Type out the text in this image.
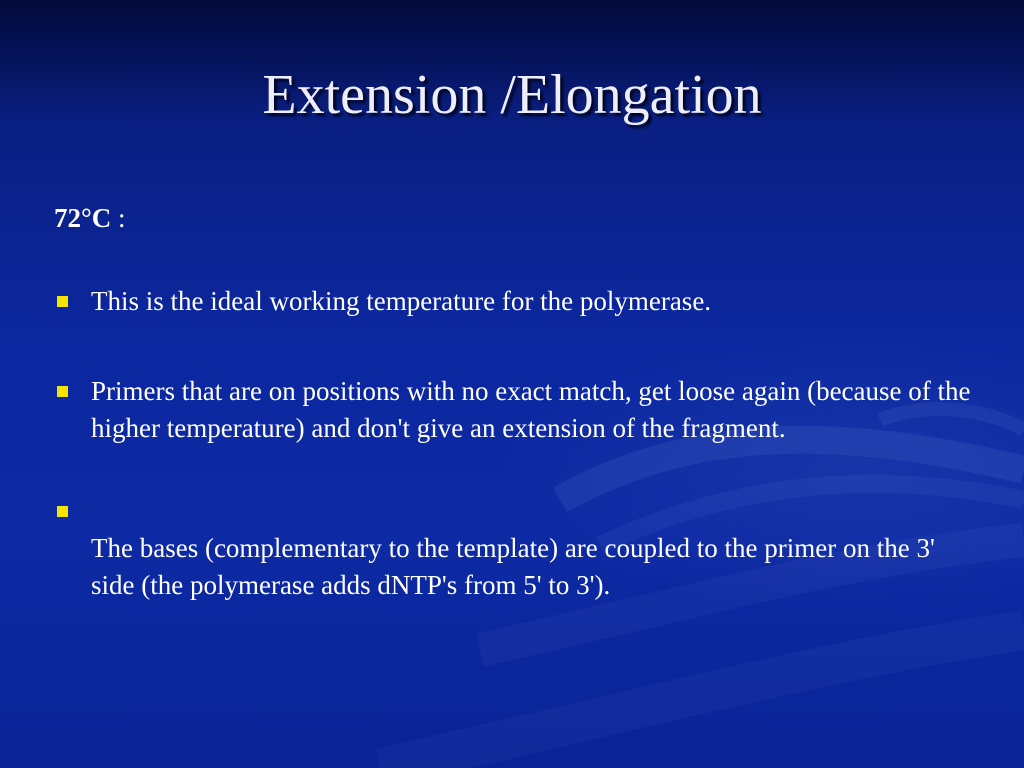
Extension /Elongation
72°C :
This is the ideal working temperature for the polymerase.
Primers that are on positions with no exact match, get loose again (because of the higher temperature) and don't give an extension of the fragment.
The bases (complementary to the template) are coupled to the primer on the 3' side (the polymerase adds dNTP's from 5' to 3').
